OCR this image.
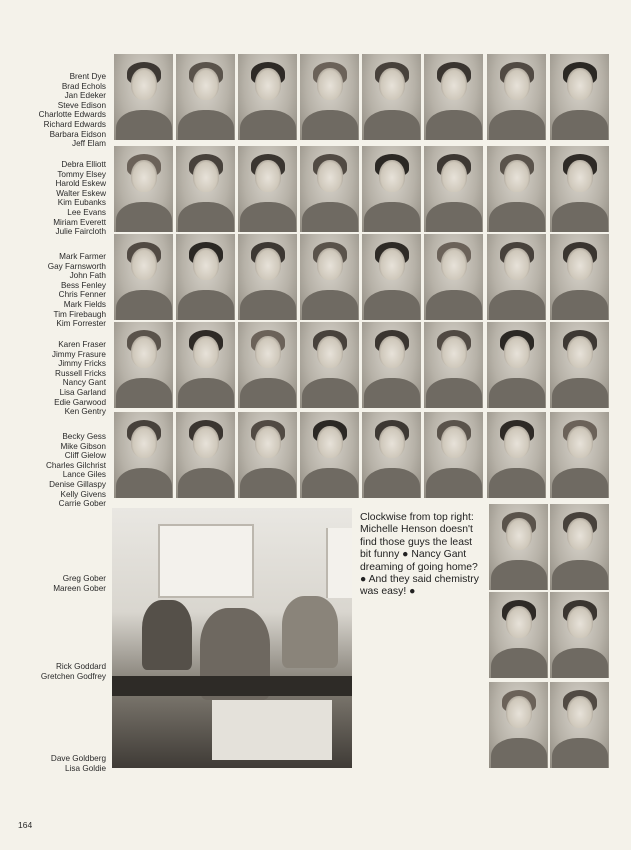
Brent Dye
Brad Echols
Jan Edeker
Steve Edison
Charlotte Edwards
Richard Edwards
Barbara Eidson
Jeff Elam
Debra Elliott
Tommy Elsey
Harold Eskew
Walter Eskew
Kim Eubanks
Lee Evans
Miriam Everett
Julie Faircloth
Mark Farmer
Gay Farnsworth
John Fath
Bess Fenley
Chris Fenner
Mark Fields
Tim Firebaugh
Kim Forrester
Karen Fraser
Jimmy Frasure
Jimmy Fricks
Russell Fricks
Nancy Gant
Lisa Garland
Edie Garwood
Ken Gentry
Becky Gess
Mike Gibson
Cliff Gielow
Charles Gilchrist
Lance Giles
Denise Gillaspy
Kelly Givens
Carrie Gober
Greg Gober
Mareen Gober
Rick Goddard
Gretchen Godfrey
Dave Goldberg
Lisa Goldie
Clockwise from top right: Michelle Henson doesn't find those guys the least bit funny ● Nancy Gant dreaming of going home? ● And they said chemistry was easy! ●
164
